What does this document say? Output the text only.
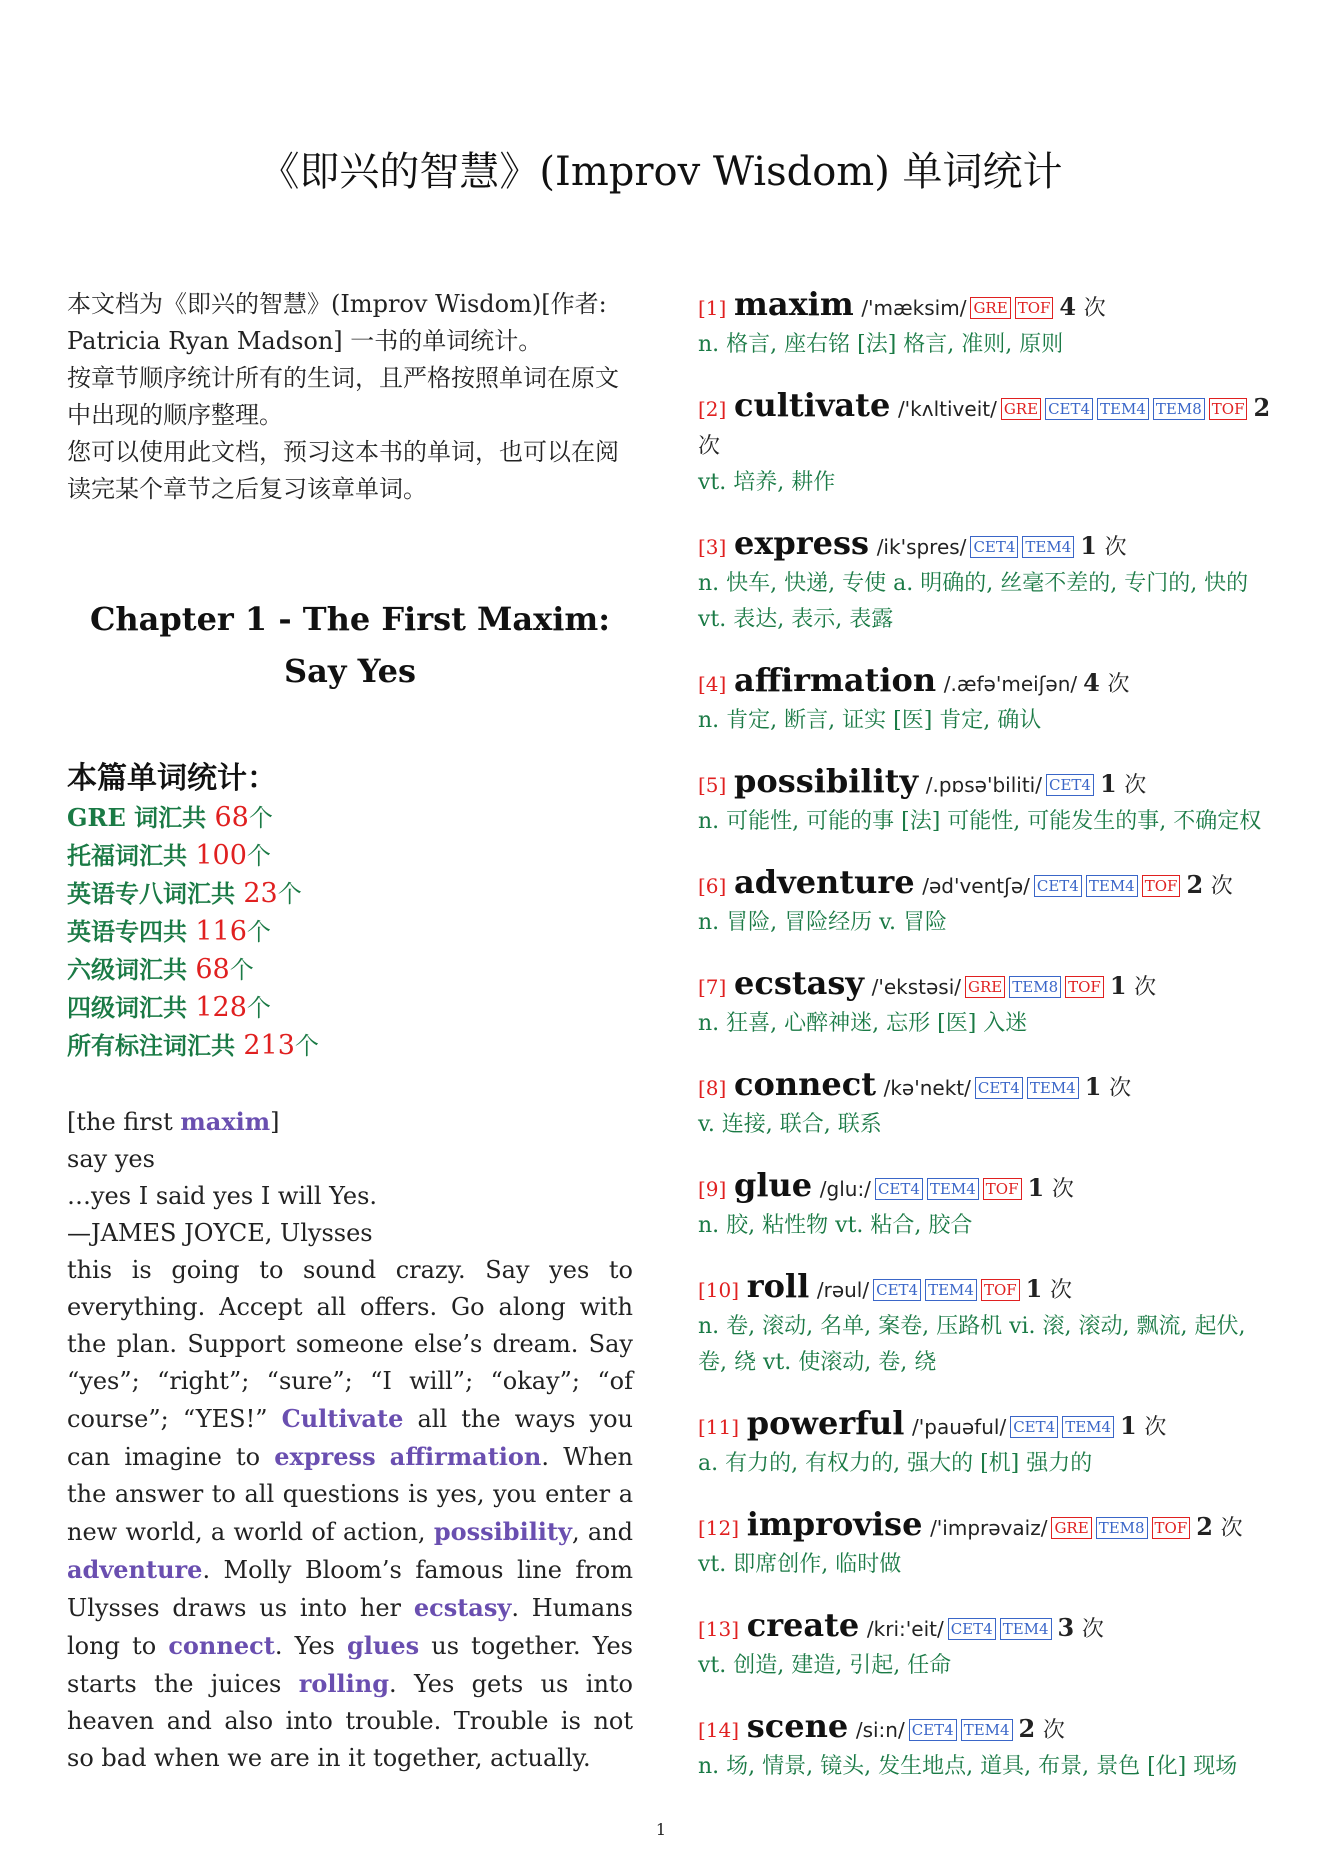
《即兴的智慧》(Improv Wisdom) 单词统计

本文档为《即兴的智慧》(Improv Wisdom)[作者: Patricia Ryan Madson] 一书的单词统计。
按章节顺序统计所有的生词，且严格按照单词在原文中出现的顺序整理。
您可以使用此文档，预习这本书的单词，也可以在阅读完某个章节之后复习该章单词。

Chapter 1 - The First Maxim: Say Yes
本篇单词统计：
GRE 词汇共 68个
托福词汇共 100个
英语专八词汇共 23个
英语专四共 116个
六级词汇共 68个
四级词汇共 128个
所有标注词汇共 213个
[the first maxim]
say yes
…yes I said yes I will Yes.
—JAMES JOYCE, Ulysses
this is going to sound crazy. Say yes to everything. Accept all offers. Go along with the plan. Support someone else’s dream. Say “yes”; “right”; “sure”; “I will”; “okay”; “of course”; “YES!” Cultivate all the ways you can imagine to express affirmation. When the answer to all questions is yes, you enter a new world, a world of action, possibility, and adventure. Molly Bloom’s famous line from Ulysses draws us into her ecstasy. Humans long to connect. Yes glues us together. Yes starts the juices rolling. Yes gets us into heaven and also into trouble. Trouble is not so bad when we are in it together, actually.
[1] maxim /'mæksim/ GRE TOF 4 次
n. 格言, 座右铭 [法] 格言, 准则, 原则
[2] cultivate /'kʌltiveit/ GRE CET4 TEM4 TEM8 TOF 2 次
vt. 培养, 耕作
[3] express /ik'spres/ CET4 TEM4 1 次
n. 快车, 快递, 专使 a. 明确的, 丝毫不差的, 专门的, 快的
vt. 表达, 表示, 表露
[4] affirmation /.æfə'meiʃən/ 4 次
n. 肯定, 断言, 证实 [医] 肯定, 确认
[5] possibility /.pɒsə'biliti/ CET4 1 次
n. 可能性, 可能的事 [法] 可能性, 可能发生的事, 不确定权
[6] adventure /əd'ventʃə/ CET4 TEM4 TOF 2 次
n. 冒险, 冒险经历 v. 冒险
[7] ecstasy /'ekstəsi/ GRE TEM8 TOF 1 次
n. 狂喜, 心醉神迷, 忘形 [医] 入迷
[8] connect /kə'nekt/ CET4 TEM4 1 次
v. 连接, 联合, 联系
[9] glue /glu:/ CET4 TEM4 TOF 1 次
n. 胶, 粘性物 vt. 粘合, 胶合
[10] roll /rəul/ CET4 TEM4 TOF 1 次
n. 卷, 滚动, 名单, 案卷, 压路机 vi. 滚, 滚动, 飘流, 起伏, 卷, 绕 vt. 使滚动, 卷, 绕
[11] powerful /'pauəful/ CET4 TEM4 1 次
a. 有力的, 有权力的, 强大的 [机] 强力的
[12] improvise /'imprəvaiz/ GRE TEM8 TOF 2 次
vt. 即席创作, 临时做
[13] create /kri:'eit/ CET4 TEM4 3 次
vt. 创造, 建造, 引起, 任命
[14] scene /si:n/ CET4 TEM4 2 次
n. 场, 情景, 镜头, 发生地点, 道具, 布景, 景色 [化] 现场
1
